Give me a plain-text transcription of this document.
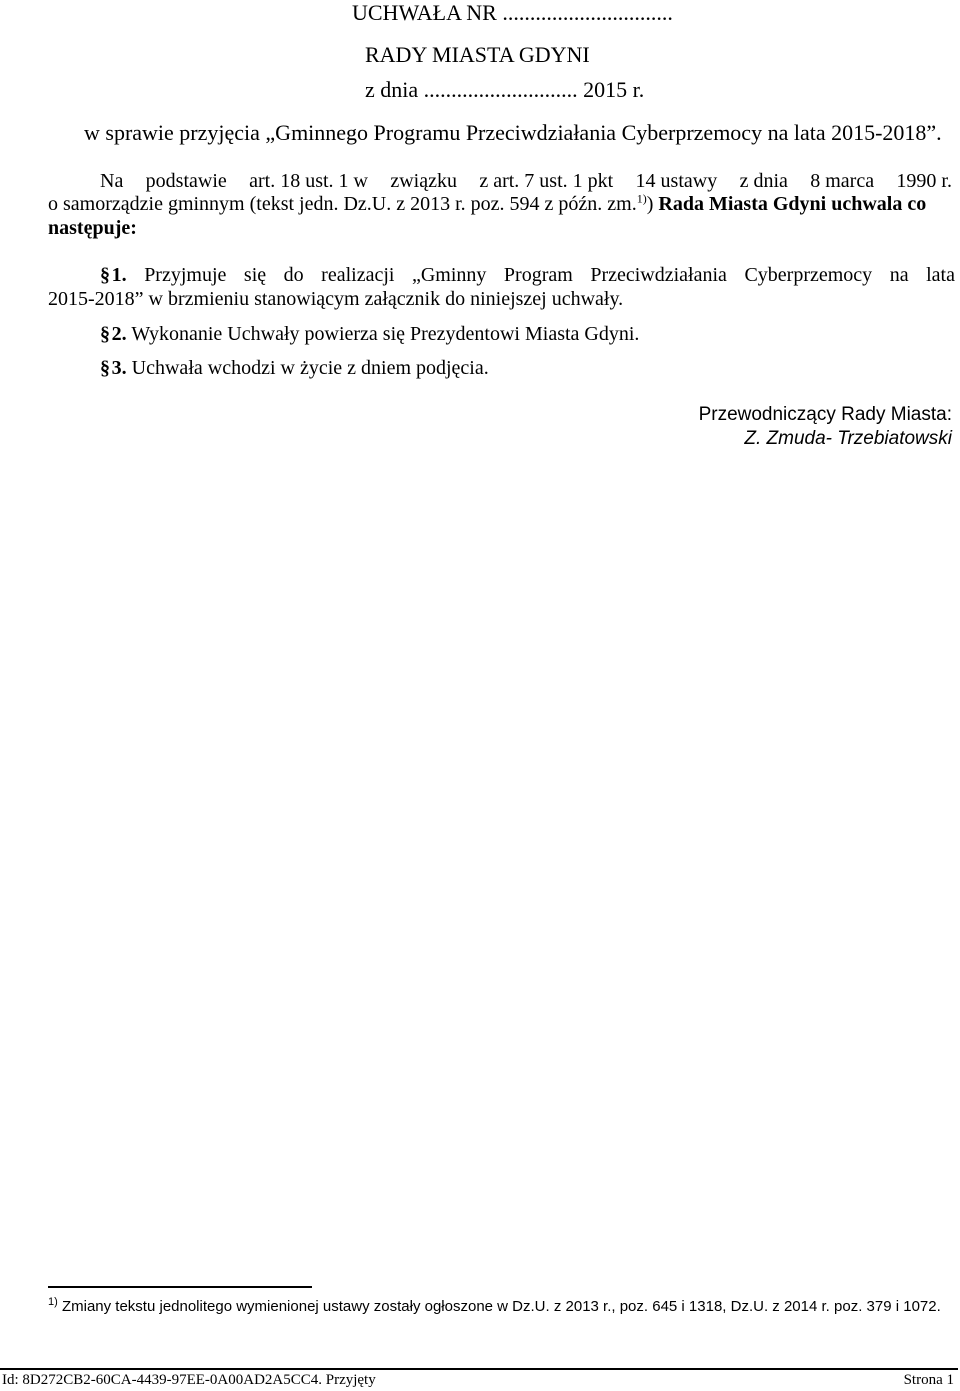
UCHWAŁA NR ...............................
RADY MIASTA GDYNI
z dnia ............................ 2015 r.
w sprawie przyjęcia „Gminnego Programu Przeciwdziałania Cyberprzemocy na lata 2015-2018”.
Na podstawie art. 18 ust. 1 w związku z art. 7 ust. 1 pkt 14 ustawy z dnia 8 marca 1990 r.
o samorządzie gminnym (tekst jedn. Dz.U. z 2013 r. poz. 594 z późn. zm.$^{1)}$) Rada Miasta Gdyni uchwala co
następuje:
§ 1. Przyjmuje się do realizacji „Gminny Program Przeciwdziałania Cyberprzemocy na lata
2015-2018” w brzmieniu stanowiącym załącznik do niniejszej uchwały.
§ 2. Wykonanie Uchwały powierza się Prezydentowi Miasta Gdyni.
§ 3. Uchwała wchodzi w życie z dniem podjęcia.
Przewodniczący Rady Miasta:
Z. Zmuda- Trzebiatowski
$^{1)}$ Zmiany tekstu jednolitego wymienionej ustawy zostały ogłoszone w Dz.U. z 2013 r., poz. 645 i 1318, Dz.U. z 2014 r. poz. 379 i 1072.
Id: 8D272CB2-60CA-4439-97EE-0A00AD2A5CC4. Przyjęty	Strona 1
